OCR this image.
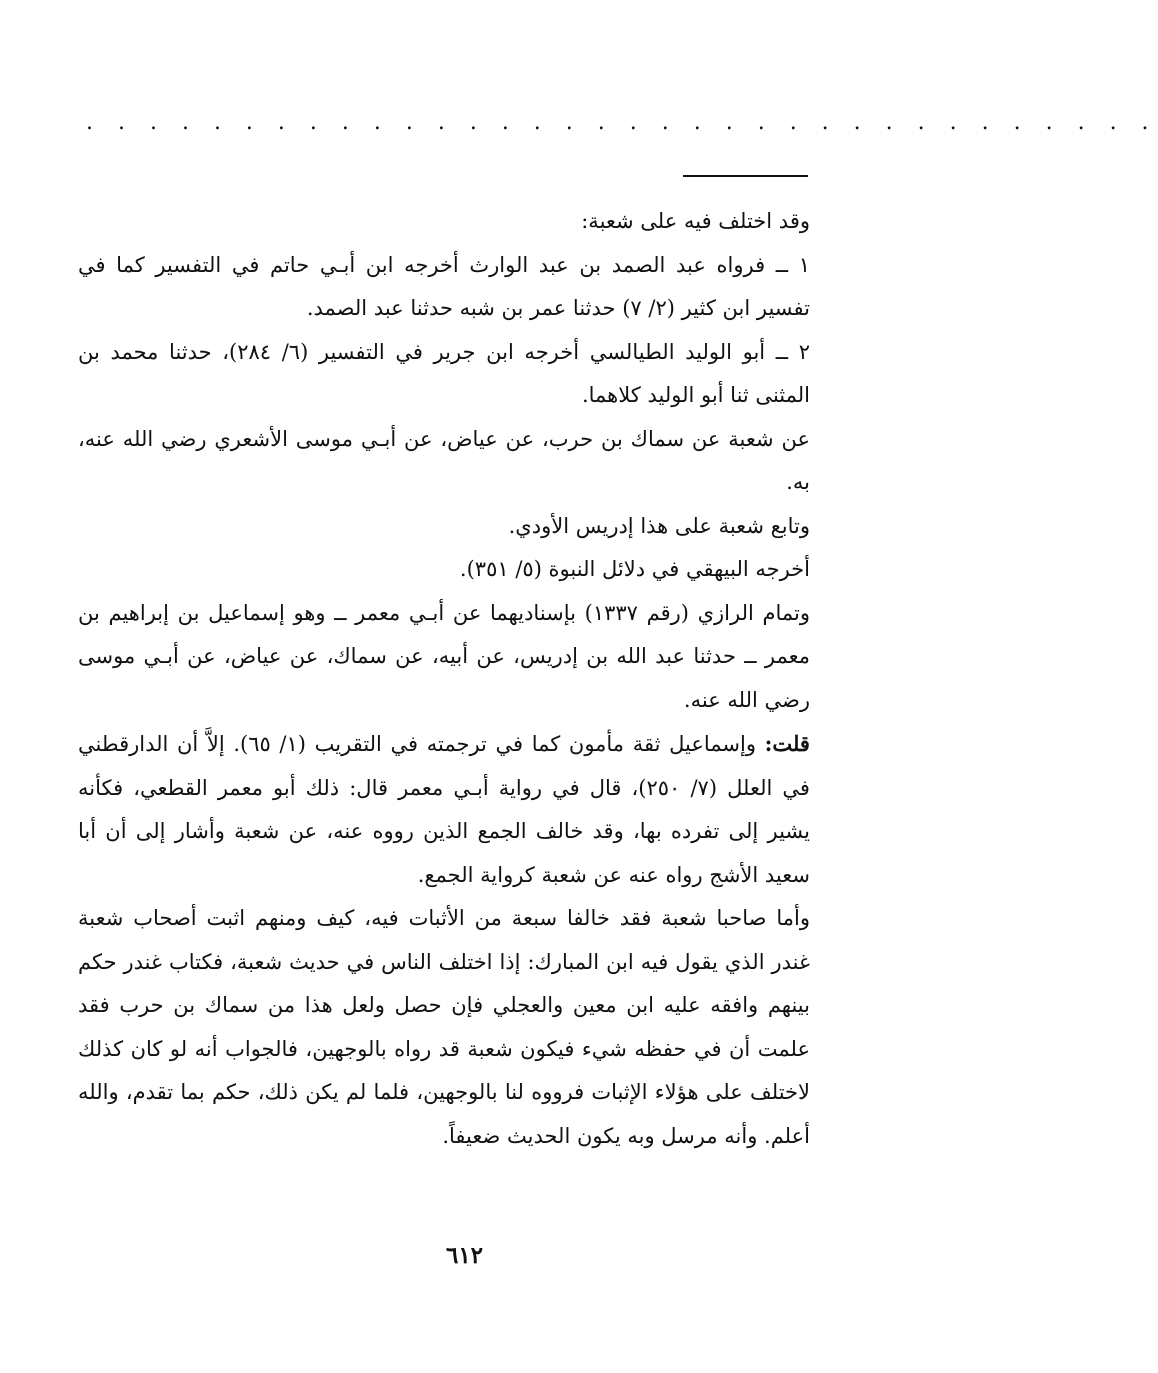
. . . . . . . . . . . . . . . . . . . . . . . . . . . . . . . . . .

وقد اختلف فيه على شعبة:

١ ــ فرواه عبد الصمد بن عبد الوارث أخرجه ابن أبـي حاتم في التفسير كما في تفسير ابن كثير (٢/ ٧) حدثنا عمر بن شبه حدثنا عبد الصمد.

٢ ــ أبو الوليد الطيالسي أخرجه ابن جرير في التفسير (٦/ ٢٨٤)، حدثنا محمد بن المثنى ثنا أبو الوليد كلاهما.

عن شعبة عن سماك بن حرب، عن عياض، عن أبـي موسى الأشعري رضي الله عنه، به.

وتابع شعبة على هذا إدريس الأودي.

أخرجه البيهقي في دلائل النبوة (٥/ ٣٥١).

وتمام الرازي (رقم ١٣٣٧) بإسناديهما عن أبـي معمر ــ وهو إسماعيل بن إبراهيم بن معمر ــ حدثنا عبد الله بن إدريس، عن أبيه، عن سماك، عن عياض، عن أبـي موسى رضي الله عنه.

قلت: وإسماعيل ثقة مأمون كما في ترجمته في التقريب (١/ ٦٥). إلاَّ أن الدارقطني في العلل (٧/ ٢٥٠)، قال في رواية أبـي معمر قال: ذلك أبو معمر القطعي، فكأنه يشير إلى تفرده بها، وقد خالف الجمع الذين رووه عنه، عن شعبة وأشار إلى أن أبا سعيد الأشج رواه عنه عن شعبة كرواية الجمع.

وأما صاحبا شعبة فقد خالفا سبعة من الأثبات فيه، كيف ومنهم اثبت أصحاب شعبة غندر الذي يقول فيه ابن المبارك: إذا اختلف الناس في حديث شعبة، فكتاب غندر حكم بينهم وافقه عليه ابن معين والعجلي فإن حصل ولعل هذا من سماك بن حرب فقد علمت أن في حفظه شيء فيكون شعبة قد رواه بالوجهين، فالجواب أنه لو كان كذلك لاختلف على هؤلاء الإثبات فرووه لنا بالوجهين، فلما لم يكن ذلك، حكم بما تقدم، والله أعلم. وأنه مرسل وبه يكون الحديث ضعيفاً.

٦١٢
